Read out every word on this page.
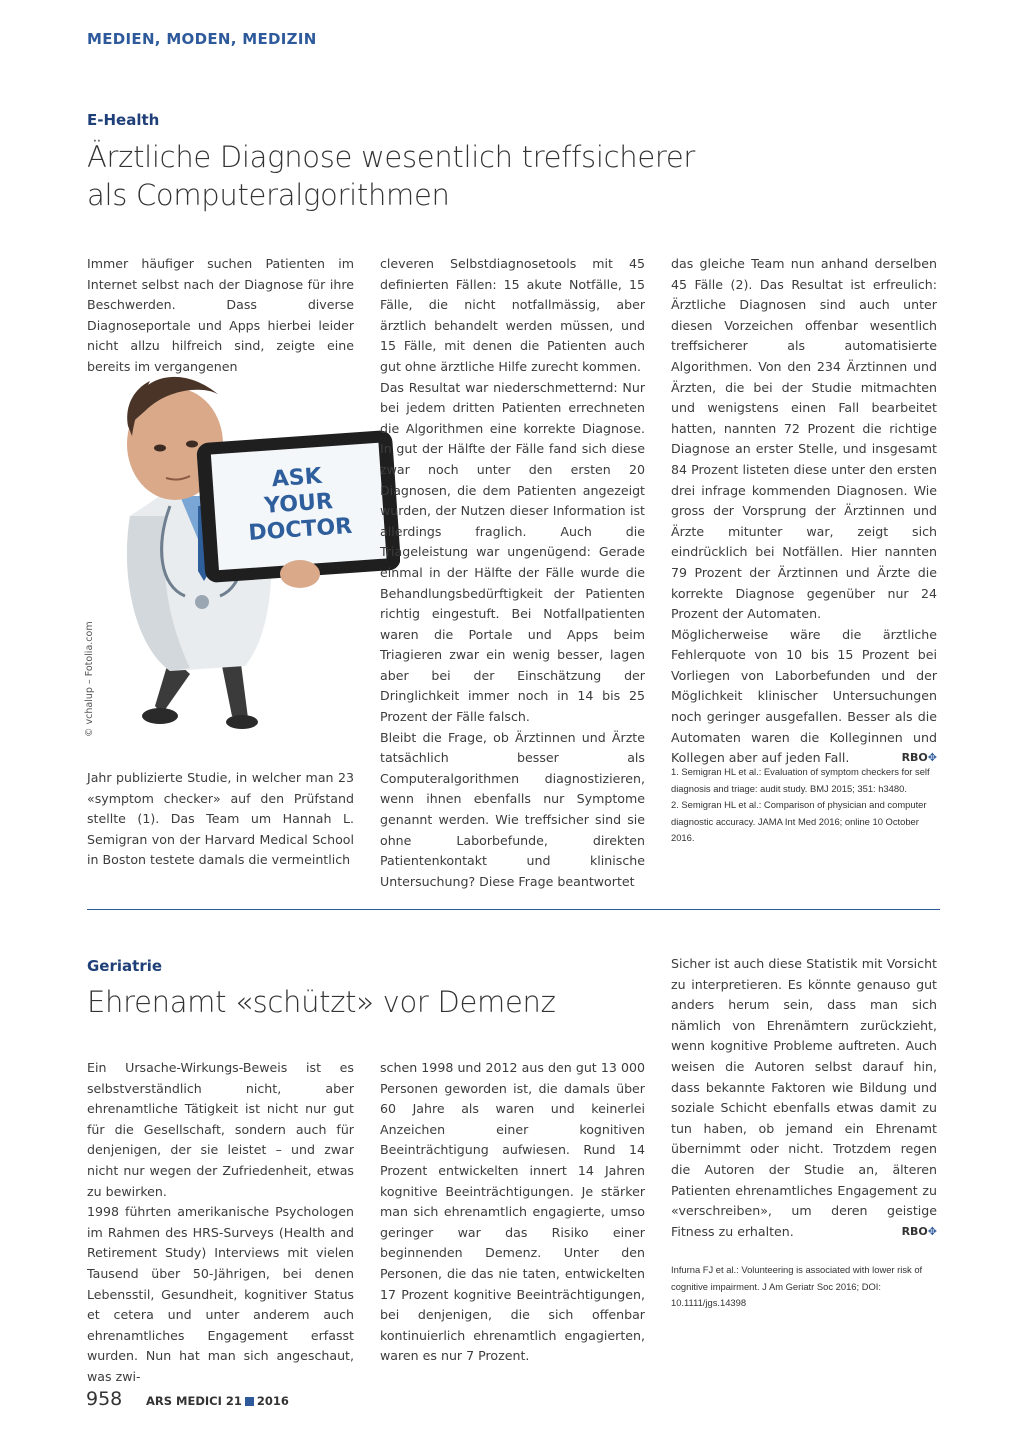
MEDIEN, MODEN, MEDIZIN
E-Health
Ärztliche Diagnose wesentlich treffsicherer
als Computeralgorithmen

Immer häufiger suchen Patienten im Internet selbst nach der Diagnose für ihre Beschwerden. Dass diverse Diagnoseportale und Apps hierbei leider nicht allzu hilfreich sind, zeigte eine bereits im vergangenen

ASK
YOUR
DOCTOR
© vchalup – Fotolia.com

Jahr publizierte Studie, in welcher man 23 «symptom checker» auf den Prüfstand stellte (1). Das Team um Hannah L. Semigran von der Harvard Medical School in Boston testete damals die vermeintlich

cleveren Selbstdiagnosetools mit 45 definierten Fällen: 15 akute Notfälle, 15 Fälle, die nicht notfallmässig, aber ärztlich behandelt werden müssen, und 15 Fälle, mit denen die Patienten auch gut ohne ärztliche Hilfe zurecht kommen.

Das Resultat war niederschmetternd: Nur bei jedem dritten Patienten errechneten die Algorithmen eine korrekte Diagnose. In gut der Hälfte der Fälle fand sich diese zwar noch unter den ersten 20 Diagnosen, die dem Patienten angezeigt wurden, der Nutzen dieser Information ist allerdings fraglich. Auch die Triageleistung war ungenügend: Gerade einmal in der Hälfte der Fälle wurde die Behandlungsbedürftigkeit der Patienten richtig eingestuft. Bei Notfallpatienten waren die Portale und Apps beim Triagieren zwar ein wenig besser, lagen aber bei der Einschätzung der Dringlichkeit immer noch in 14 bis 25 Prozent der Fälle falsch.

Bleibt die Frage, ob Ärztinnen und Ärzte tatsächlich besser als Computeralgorithmen diagnostizieren, wenn ihnen ebenfalls nur Symptome genannt werden. Wie treffsicher sind sie ohne Laborbefunde, direkten Patientenkontakt und klinische Untersuchung? Diese Frage beantwortet

das gleiche Team nun anhand derselben 45 Fälle (2). Das Resultat ist erfreulich: Ärztliche Diagnosen sind auch unter diesen Vorzeichen offenbar wesentlich treffsicherer als automatisierte Algorithmen. Von den 234 Ärztinnen und Ärzten, die bei der Studie mitmachten und wenigstens einen Fall bearbeitet hatten, nannten 72 Prozent die richtige Diagnose an erster Stelle, und insgesamt 84 Prozent listeten diese unter den ersten drei infrage kommenden Diagnosen. Wie gross der Vorsprung der Ärztinnen und Ärzte mitunter war, zeigt sich eindrücklich bei Notfällen. Hier nannten 79 Prozent der Ärztinnen und Ärzte die korrekte Diagnose gegenüber nur 24 Prozent der Automaten.

Möglicherweise wäre die ärztliche Fehlerquote von 10 bis 15 Prozent bei Vorliegen von Laborbefunden und der Möglichkeit klinischer Untersuchungen noch geringer ausgefallen. Besser als die Automaten waren die Kolleginnen und Kollegen aber auf jeden Fall.	RBO✥

1. Semigran HL et al.: Evaluation of symptom checkers for self diagnosis and triage: audit study. BMJ 2015; 351: h3480.

2. Semigran HL et al.: Comparison of physician and computer diagnostic accuracy. JAMA Int Med 2016; online 10 October 2016.

Geriatrie
Ehrenamt «schützt» vor Demenz

Ein Ursache-Wirkungs-Beweis ist es selbstverständlich nicht, aber ehrenamtliche Tätigkeit ist nicht nur gut für die Gesellschaft, sondern auch für denjenigen, der sie leistet – und zwar nicht nur wegen der Zufriedenheit, etwas zu bewirken.

1998 führten amerikanische Psychologen im Rahmen des HRS-Surveys (Health and Retirement Study) Interviews mit vielen Tausend über 50-Jährigen, bei denen Lebensstil, Gesundheit, kognitiver Status et cetera und unter anderem auch ehrenamtliches Engagement erfasst wurden. Nun hat man sich angeschaut, was zwi-

schen 1998 und 2012 aus den gut 13 000 Personen geworden ist, die damals über 60 Jahre als waren und keinerlei Anzeichen einer kognitiven Beeinträchtigung aufwiesen. Rund 14 Prozent entwickelten innert 14 Jahren kognitive Beeinträchtigungen. Je stärker man sich ehrenamtlich engagierte, umso geringer war das Risiko einer beginnenden Demenz. Unter den Personen, die das nie taten, entwickelten 17 Prozent kognitive Beeinträchtigungen, bei denjenigen, die sich offenbar kontinuierlich ehrenamtlich engagierten, waren es nur 7 Prozent.

Sicher ist auch diese Statistik mit Vorsicht zu interpretieren. Es könnte genauso gut anders herum sein, dass man sich nämlich von Ehrenämtern zurückzieht, wenn kognitive Probleme auftreten. Auch weisen die Autoren selbst darauf hin, dass bekannte Faktoren wie Bildung und soziale Schicht ebenfalls etwas damit zu tun haben, ob jemand ein Ehrenamt übernimmt oder nicht. Trotzdem regen die Autoren der Studie an, älteren Patienten ehrenamtliches Engagement zu «verschreiben», um deren geistige Fitness zu erhalten.	RBO✥

Infurna FJ et al.: Volunteering is associated with lower risk of cognitive impairment. J Am Geriatr Soc 2016; DOI: 10.1111/jgs.14398

958 ARS MEDICI 21 2016
